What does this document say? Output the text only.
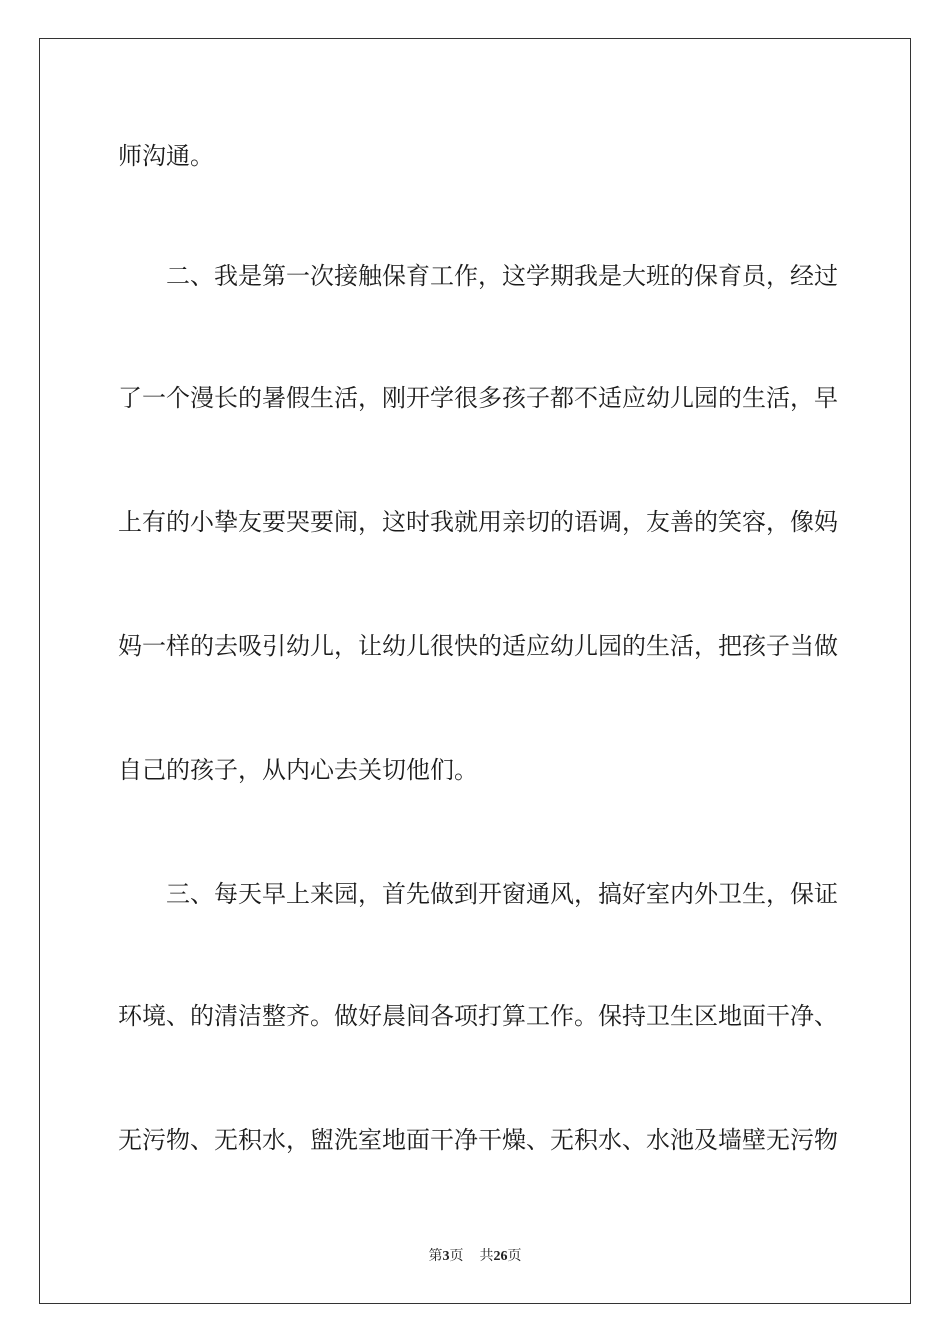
师沟通。
二、我是第一次接触保育工作，这学期我是大班的保育员，经过
了一个漫长的暑假生活，刚开学很多孩子都不适应幼儿园的生活，早
上有的小挚友要哭要闹，这时我就用亲切的语调，友善的笑容，像妈
妈一样的去吸引幼儿，让幼儿很快的适应幼儿园的生活，把孩子当做
自己的孩子，从内心去关切他们。
三、每天早上来园，首先做到开窗通风，搞好室内外卫生，保证
环境、的清洁整齐。做好晨间各项打算工作。保持卫生区地面干净、
无污物、无积水，盥洗室地面干净干燥、无积水、水池及墙壁无污物
第3页 共26页
